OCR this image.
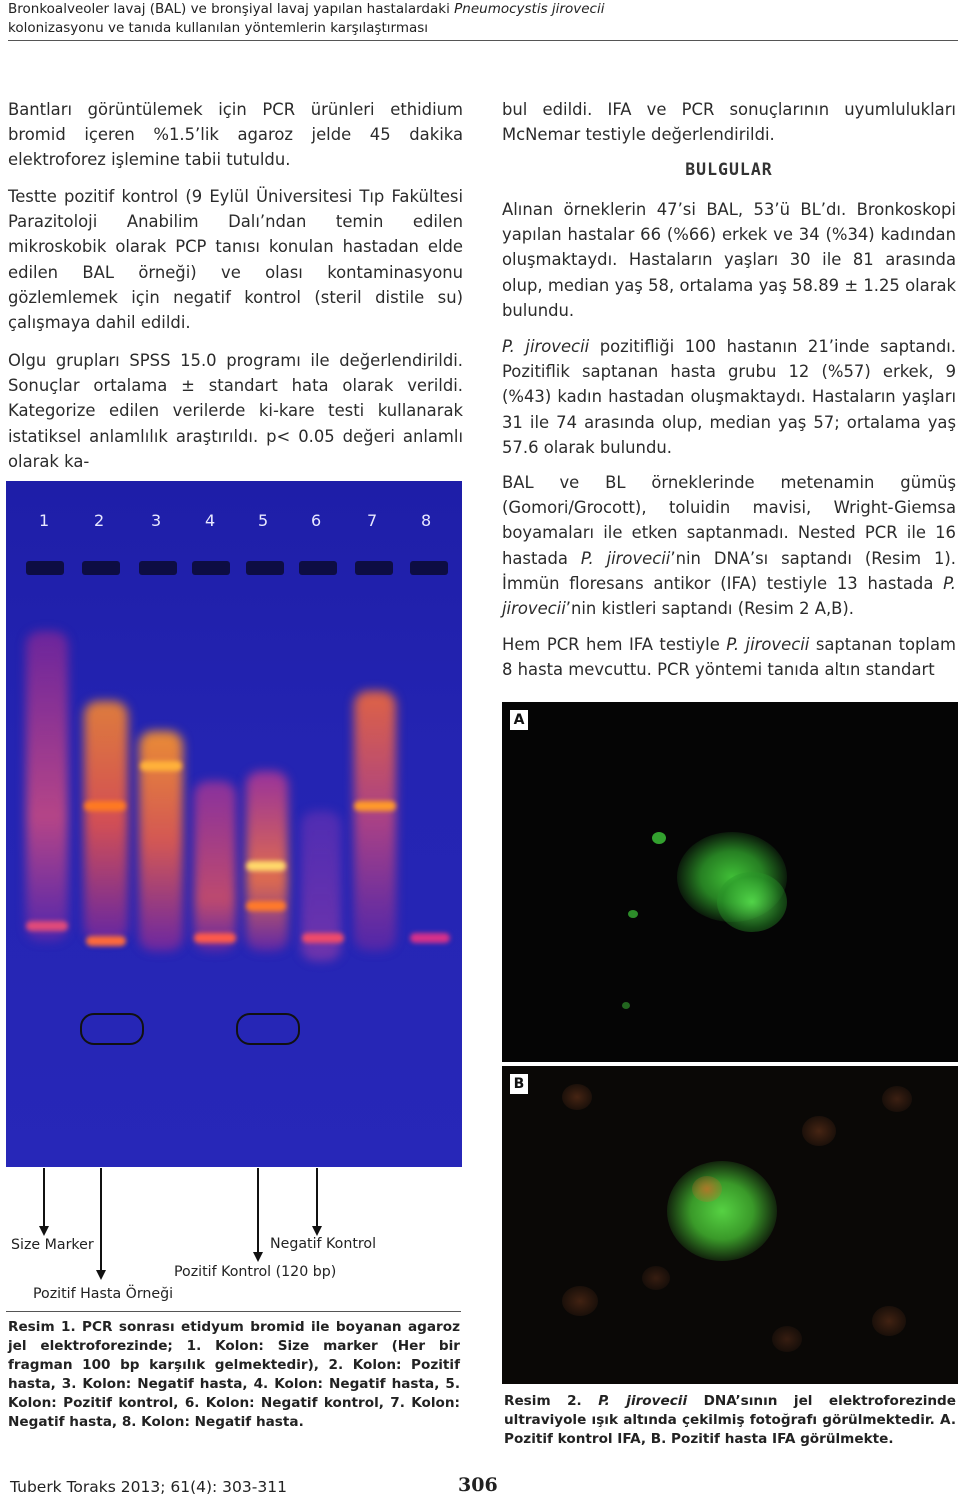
Bronkoalveoler lavaj (BAL) ve bronşiyal lavaj yapılan hastalardaki Pneumocystis jirovecii
kolonizasyonu ve tanıda kullanılan yöntemlerin karşılaştırması

Bantları görüntülemek için PCR ürünleri ethidium bromid içeren %1.5’lik agaroz jelde 45 dakika elektroforez işlemine tabii tutuldu.

Testte pozitif kontrol (9 Eylül Üniversitesi Tıp Fakültesi Parazitoloji Anabilim Dalı’ndan temin edilen mikroskobik olarak PCP tanısı konulan hastadan elde edilen BAL örneği) ve olası kontaminasyonu gözlemlemek için negatif kontrol (steril distile su) çalışmaya dahil edildi.

Olgu grupları SPSS 15.0 programı ile değerlendirildi. Sonuçlar ortalama ± standart hata olarak verildi. Kategorize edilen verilerde ki-kare testi kullanarak istatiksel anlamlılık araştırıldı. p< 0.05 değeri anlamlı olarak ka-

bul edildi. IFA ve PCR sonuçlarının uyumlulukları McNemar testiyle değerlendirildi.

BULGULAR

Alınan örneklerin 47’si BAL, 53’ü BL’dı. Bronkoskopi yapılan hastalar 66 (%66) erkek ve 34 (%34) kadından oluşmaktaydı. Hastaların yaşları 30 ile 81 arasında olup, median yaş 58, ortalama yaş 58.89 ± 1.25 olarak bulundu.

P. jirovecii pozitifliği 100 hastanın 21’inde saptandı. Pozitiflik saptanan hasta grubu 12 (%57) erkek, 9 (%43) kadın hastadan oluşmaktaydı. Hastaların yaşları 31 ile 74 arasında olup, median yaş 57; ortalama yaş 57.6 olarak bulundu.

BAL ve BL örneklerinde metenamin gümüş (Gomori/Grocott), toluidin mavisi, Wright-Giemsa boyamaları ile etken saptanmadı. Nested PCR ile 16 hastada P. jirovecii’nin DNA’sı saptandı (Resim 1). İmmün floresans antikor (IFA) testiyle 13 hastada P. jirovecii’nin kistleri saptandı (Resim 2 A,B).

Hem PCR hem IFA testiyle P. jirovecii saptanan toplam 8 hasta mevcuttu. PCR yöntemi tanıda altın standart

1	2	3	4	5	6	7	8
Size Marker	Negatif Kontrol
Pozitif Kontrol (120 bp)
Pozitif Hasta Örneği

Resim 1. PCR sonrası etidyum bromid ile boyanan agaroz jel elektroforezinde; 1. Kolon: Size marker (Her bir fragman 100 bp karşılık gelmektedir), 2. Kolon: Pozitif hasta, 3. Kolon: Negatif hasta, 4. Kolon: Negatif hasta, 5. Kolon: Pozitif kontrol, 6. Kolon: Negatif kontrol, 7. Kolon: Negatif hasta, 8. Kolon: Negatif hasta.

A
B

Resim 2. P. jirovecii DNA’sının jel elektroforezinde ultraviyole ışık altında çekilmiş fotoğrafı görülmektedir. A. Pozitif kontrol IFA, B. Pozitif hasta IFA görülmekte.

Tuberk Toraks 2013; 61(4): 303-311	306
